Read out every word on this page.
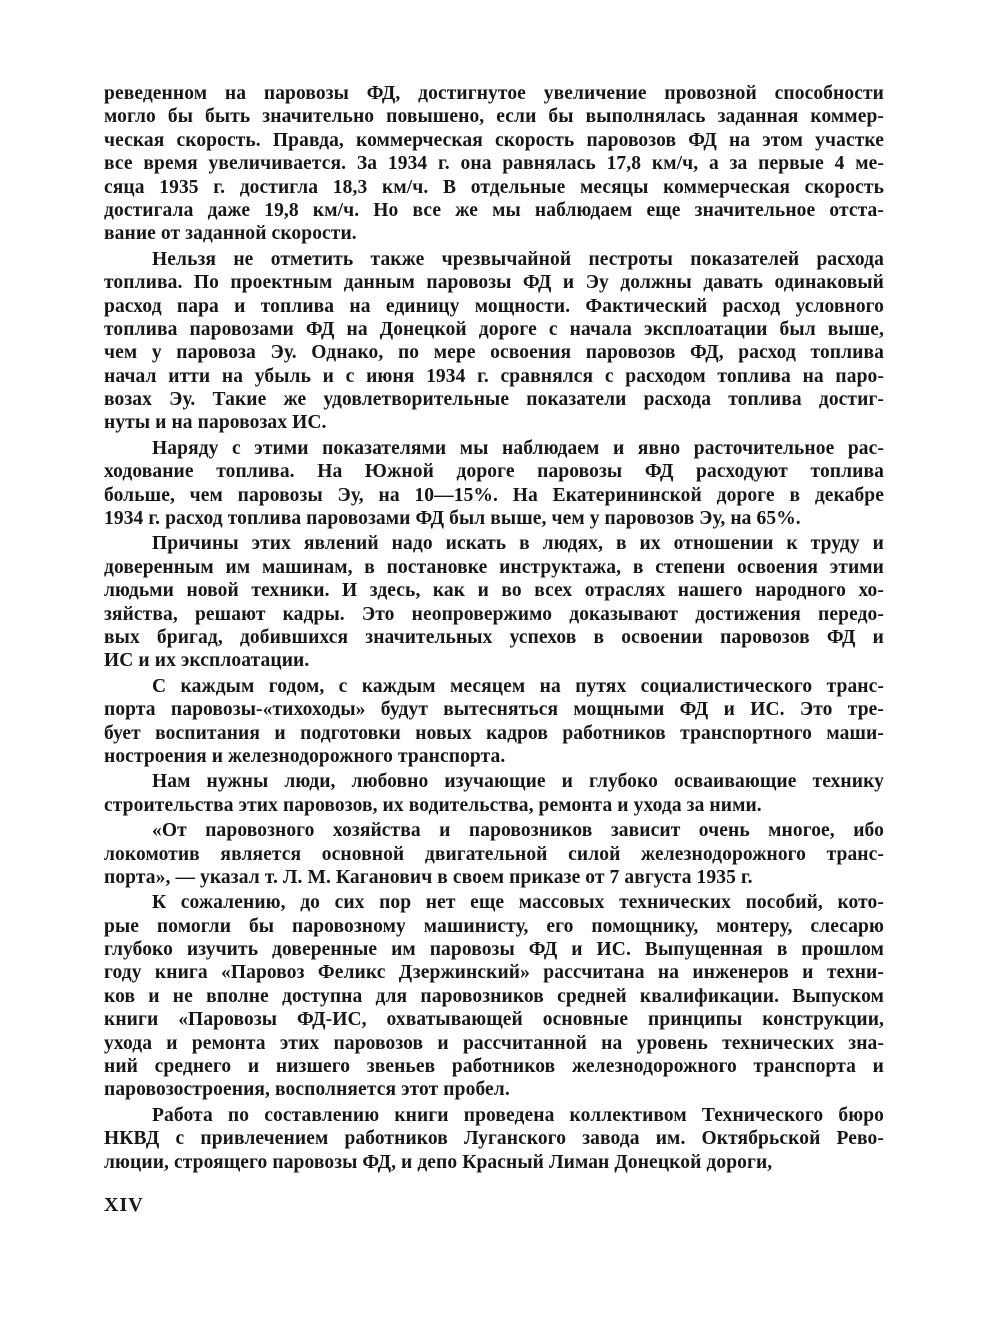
реведенном на паровозы ФД, достигнутое увеличение провозной способности
могло бы быть значительно повышено, если бы выполнялась заданная коммер-
ческая скорость. Правда, коммерческая скорость паровозов ФД на этом участке
все время увеличивается. За 1934 г. она равнялась 17,8 км/ч, а за первые 4 ме-
сяца 1935 г. достигла 18,3 км/ч. В отдельные месяцы коммерческая скорость
достигала даже 19,8 км/ч. Но все же мы наблюдаем еще значительное отста-
вание от заданной скорости.
Нельзя не отметить также чрезвычайной пестроты показателей расхода
топлива. По проектным данным паровозы ФД и Эу должны давать одинаковый
расход пара и топлива на единицу мощности. Фактический расход условного
топлива паровозами ФД на Донецкой дороге с начала эксплоатации был выше,
чем у паровоза Эу. Однако, по мере освоения паровозов ФД, расход топлива
начал итти на убыль и с июня 1934 г. сравнялся с расходом топлива на паро-
возах Эу. Такие же удовлетворительные показатели расхода топлива достиг-
нуты и на паровозах ИС.
Наряду с этими показателями мы наблюдаем и явно расточительное рас-
ходование топлива. На Южной дороге паровозы ФД расходуют топлива
больше, чем паровозы Эу, на 10—15%. На Екатерининской дороге в декабре
1934 г. расход топлива паровозами ФД был выше, чем у паровозов Эу, на 65%.
Причины этих явлений надо искать в людях, в их отношении к труду и
доверенным им машинам, в постановке инструктажа, в степени освоения этими
людьми новой техники. И здесь, как и во всех отраслях нашего народного хо-
зяйства, решают кадры. Это неопровержимо доказывают достижения передо-
вых бригад, добившихся значительных успехов в освоении паровозов ФД и
ИС и их эксплоатации.
С каждым годом, с каждым месяцем на путях социалистического транс-
порта паровозы-«тихоходы» будут вытесняться мощными ФД и ИС. Это тре-
бует воспитания и подготовки новых кадров работников транспортного маши-
ностроения и железнодорожного транспорта.
Нам нужны люди, любовно изучающие и глубоко осваивающие технику
строительства этих паровозов, их водительства, ремонта и ухода за ними.
«От паровозного хозяйства и паровозников зависит очень многое, ибо
локомотив является основной двигательной силой железнодорожного транс-
порта», — указал т. Л. М. Каганович в своем приказе от 7 августа 1935 г.
К сожалению, до сих пор нет еще массовых технических пособий, кото-
рые помогли бы паровозному машинисту, его помощнику, монтеру, слесарю
глубоко изучить доверенные им паровозы ФД и ИС. Выпущенная в прошлом
году книга «Паровоз Феликс Дзержинский» рассчитана на инженеров и техни-
ков и не вполне доступна для паровозников средней квалификации. Выпуском
книги «Паровозы ФД-ИС, охватывающей основные принципы конструкции,
ухода и ремонта этих паровозов и рассчитанной на уровень технических зна-
ний среднего и низшего звеньев работников железнодорожного транспорта и
паровозостроения, восполняется этот пробел.
Работа по составлению книги проведена коллективом Технического бюро
НКВД с привлечением работников Луганского завода им. Октябрьской Рево-
люции, строящего паровозы ФД, и депо Красный Лиман Донецкой дороги,
XIV
